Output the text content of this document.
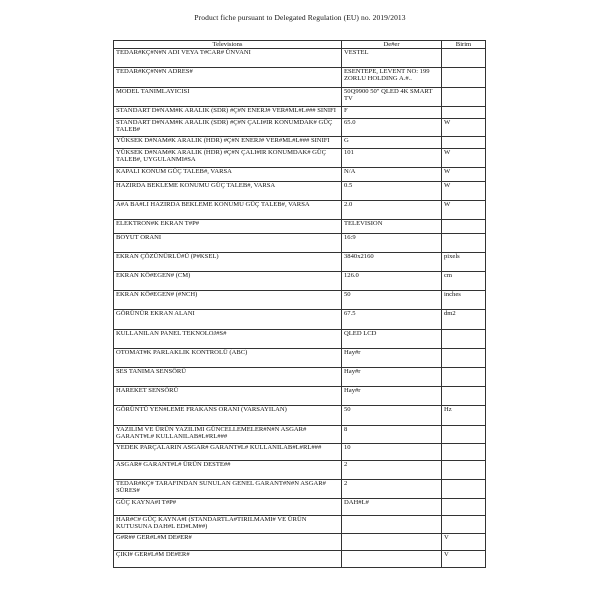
Product fiche pursuant to Delegated Regulation (EU) no. 2019/2013
Televisions	De#er	Birim
TEDAR#KÇ#N#N ADI VEYA T#CAR# ÜNVANI	VESTEL	
TEDAR#KÇ#N#N ADRES#	ESENTEPE, LEVENT NO: 199 ZORLU HOLDING A.#..	
MODEL TANIMLAYICISI	50Q9900 50" QLED 4K SMART TV	
STANDART D#NAM#K ARALIK (SDR) #Ç#N ENERJ# VER#ML#L### SINIFI	F	
STANDART D#NAM#K ARALIK (SDR) #Ç#N ÇALI#IR KONUMDAK# GÜÇ TALEB#	65.0	W
YÜKSEK D#NAM#K ARALIK (HDR) #Ç#N ENERJ# VER#ML#L### SINIFI	G	
YÜKSEK D#NAM#K ARALIK (HDR) #Ç#N ÇALI#IR KONUMDAK# GÜÇ TALEB#, UYGULANMI#SA	101	W
KAPALI KONUM GÜÇ TALEB#, VARSA	N/A	W
HAZIRDA BEKLEME KONUMU GÜÇ TALEB#, VARSA	0.5	W
A#A BA#LI HAZIRDA BEKLEME KONUMU GÜÇ TALEB#, VARSA	2.0	W
ELEKTRON#K EKRAN T#P#	TELEVISION	
BOYUT ORANI	16:9	
EKRAN ÇÖZÜNÜRLÜ#Ü (P#KSEL)	3840x2160	pixels
EKRAN KÖ#EGEN# (CM)	126.0	cm
EKRAN KÖ#EGEN# (#NCH)	50	inches
GÖRÜNÜR EKRAN ALANI	67.5	dm2
KULLANILAN PANEL TEKNOLOJ#S#	QLED LCD	
OTOMAT#K PARLAKLIK KONTROLÜ (ABC)	Hay#r	
SES TANIMA SENSÖRÜ	Hay#r	
HAREKET SENSÖRÜ	Hay#r	
GÖRÜNTÜ YEN#LEME FRAKANS ORANI (VARSAYILAN)	50	Hz
YAZILIM VE ÜRÜN YAZILIMI GÜNCELLEMELER#N#N ASGAR# GARANT#L# KULLANILAB#L#RL###	8	
YEDEK PARÇALARIN ASGAR# GARANT#L# KULLANILAB#L#RL###	10	
ASGAR# GARANT#L# ÜRÜN DESTE##	2	
TEDAR#KÇ# TARAFINDAN SUNULAN GENEL GARANT#N#N ASGAR# SÜRES#	2	
GÜÇ KAYNA#I T#P#	DAH#L#	
HAR#C# GÜÇ KAYNA#I (STANDARTLA#TIRILMAMI# VE ÜRÜN KUTUSUNA DAH#L ED#LM##)		
G#R## GER#L#M DE#ER#		V
ÇIKI# GER#L#M DE#ER#		V
